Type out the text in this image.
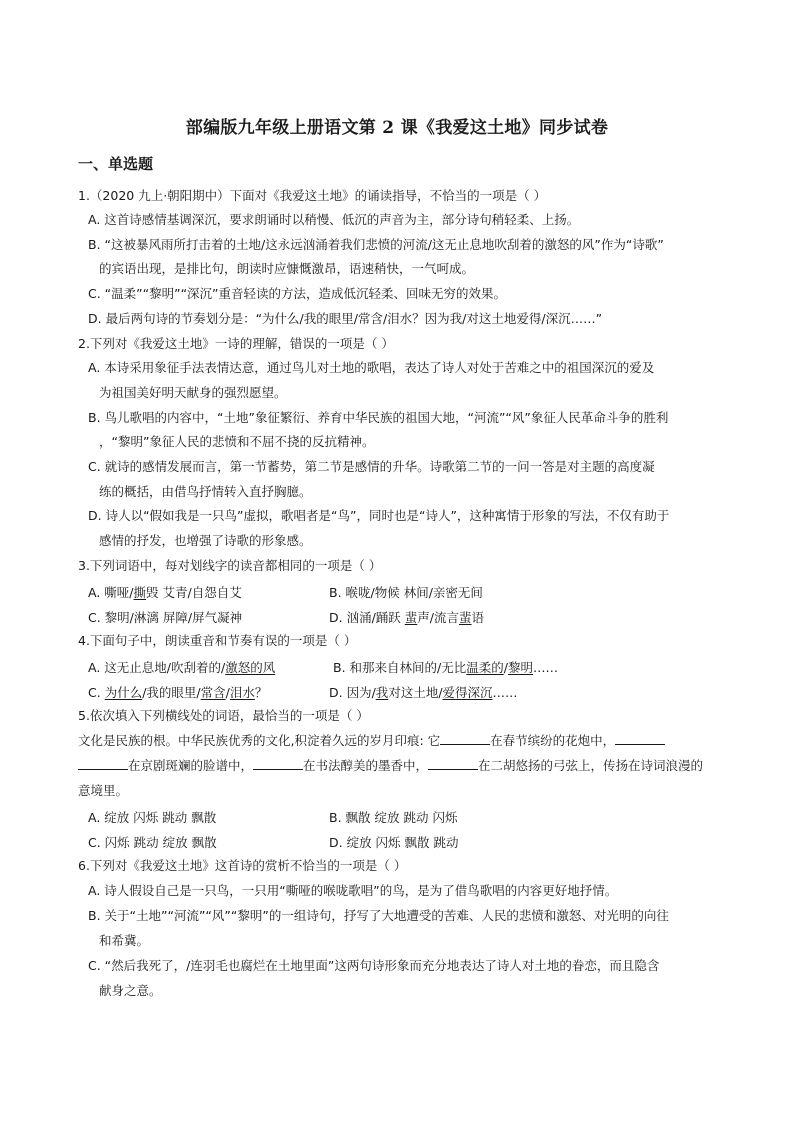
部编版九年级上册语文第 2 课《我爱这土地》同步试卷
一、单选题
1.（2020 九上·朝阳期中）下面对《我爱这土地》的诵读指导，不恰当的一项是（ ）
A. 这首诗感情基调深沉，要求朗诵时以稍慢、低沉的声音为主，部分诗句稍轻柔、上扬。
B. “这被暴风雨所打击着的土地/这永远汹涌着我们悲愤的河流/这无止息地吹刮着的激怒的风”作为“诗歌”
的宾语出现，是排比句，朗读时应慷慨激昂，语速稍快，一气呵成。
C. “温柔”“黎明”“深沉”重音轻读的方法，造成低沉轻柔、回味无穷的效果。
D. 最后两句诗的节奏划分是：“为什么/我的眼里/常含/泪水？因为我/对这土地爱得/深沉……”
2.下列对《我爱这土地》一诗的理解，错误的一项是（ ）
A. 本诗采用象征手法表情达意，通过鸟儿对土地的歌唱，表达了诗人对处于苦难之中的祖国深沉的爱及
为祖国美好明天献身的强烈愿望。
B. 鸟儿歌唱的内容中，“土地”象征繁衍、养育中华民族的祖国大地，“河流”“风”象征人民革命斗争的胜利
，“黎明”象征人民的悲愤和不屈不挠的反抗精神。
C. 就诗的感情发展而言，第一节蓄势，第二节是感情的升华。诗歌第二节的一问一答是对主题的高度凝
练的概括，由借鸟抒情转入直抒胸臆。
D. 诗人以“假如我是一只鸟”虚拟，歌唱者是“鸟”，同时也是“诗人”，这种寓情于形象的写法，不仅有助于
感情的抒发，也增强了诗歌的形象感。
3.下列词语中，每对划线字的读音都相同的一项是（ ）
A. 嘶哑/撕毁 艾青/自怨自艾	B. 喉咙/物候 林间/亲密无间
C. 黎明/淋漓 屏障/屏气凝神	D. 汹涌/踊跃 蜚声/流言蜚语
4.下面句子中，朗读重音和节奏有误的一项是（ ）
A. 这无止息地/吹刮着的/激怒的风	B. 和那来自林间的/无比温柔的/黎明……
C. 为什么/我的眼里/常含/泪水？	D. 因为/我对这土地/爱得深沉……
5.依次填入下列横线处的词语，最恰当的一项是（ ）
文化是民族的根。中华民族优秀的文化,积淀着久远的岁月印痕: 它	在春节缤纷的花炮中，
在京剧斑斓的脸谱中，	在书法醇美的墨香中，	在二胡悠扬的弓弦上，传扬在诗词浪漫的
意境里。
A. 绽放 闪烁 跳动 飘散	B. 飘散 绽放 跳动 闪烁
C. 闪烁 跳动 绽放 飘散	D. 绽放 闪烁 飘散 跳动
6.下列对《我爱这土地》这首诗的赏析不恰当的一项是（ ）
A. 诗人假设自己是一只鸟，一只用“嘶哑的喉咙歌唱”的鸟，是为了借鸟歌唱的内容更好地抒情。
B. 关于“土地”“河流”“风”“黎明”的一组诗句，抒写了大地遭受的苦难、人民的悲愤和激怒、对光明的向往
和希冀。
C. “然后我死了，/连羽毛也腐烂在土地里面”这两句诗形象而充分地表达了诗人对土地的眷恋，而且隐含
献身之意。
